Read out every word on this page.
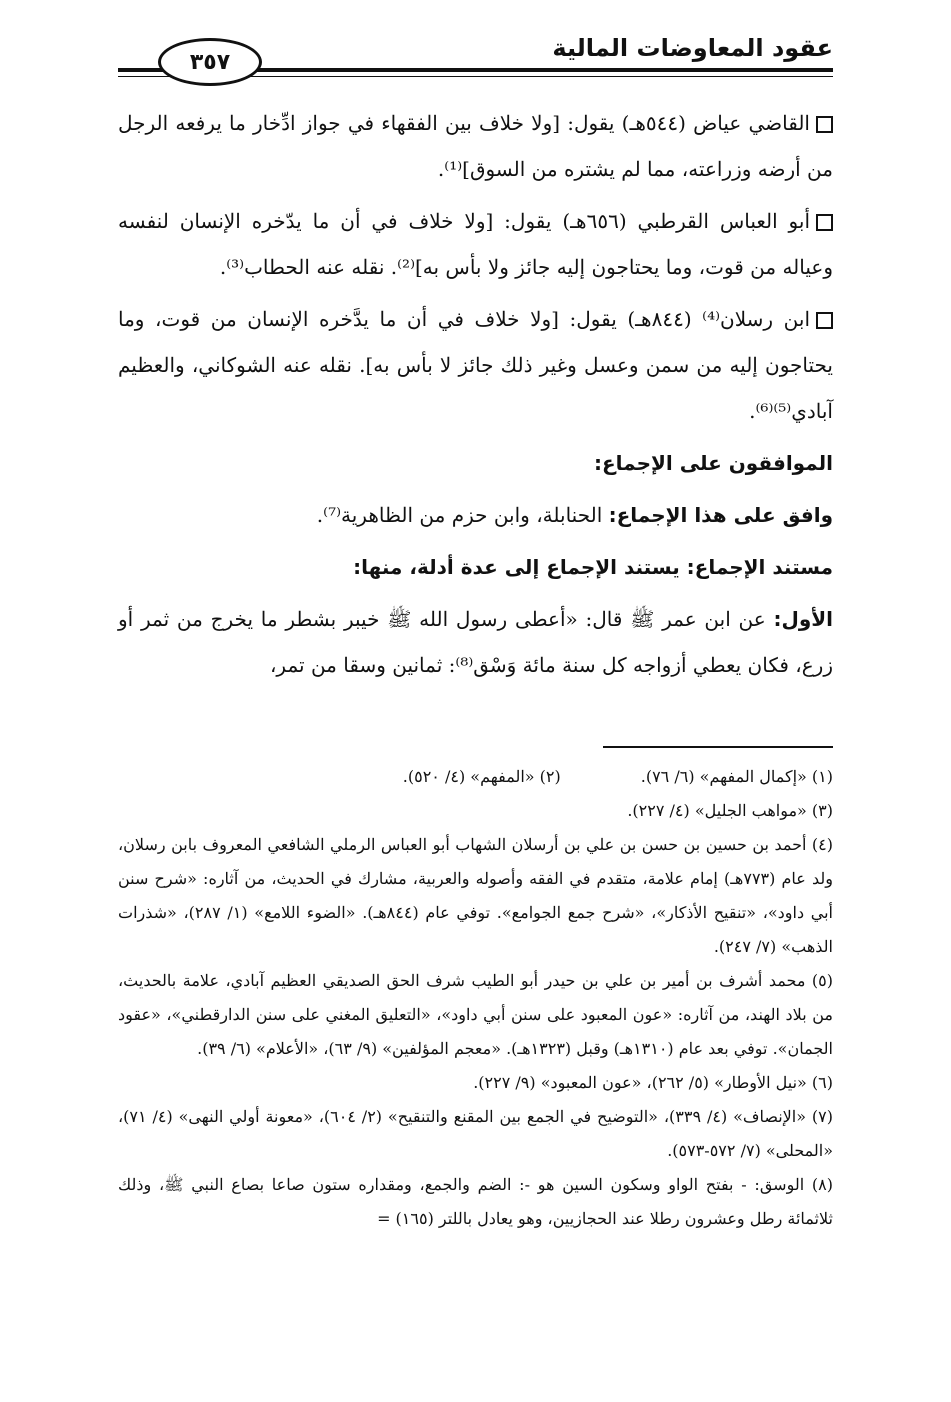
عقود المعاوضات المالية
٣٥٧

القاضي عياض (٥٤٤هـ) يقول: [ولا خلاف بين الفقهاء في جواز ادِّخار ما يرفعه الرجل من أرضه وزراعته، مما لم يشتره من السوق]⁽¹⁾.

أبو العباس القرطبي (٦٥٦هـ) يقول: [ولا خلاف في أن ما يدّخره الإنسان لنفسه وعياله من قوت، وما يحتاجون إليه جائز ولا بأس به]⁽²⁾. نقله عنه الحطاب⁽³⁾.

ابن رسلان⁽⁴⁾ (٨٤٤هـ) يقول: [ولا خلاف في أن ما يدَّخره الإنسان من قوت، وما يحتاجون إليه من سمن وعسل وغير ذلك جائز لا بأس به]. نقله عنه الشوكاني، والعظيم آبادي⁽⁵⁾⁽⁶⁾.

الموافقون على الإجماع:

وافق على هذا الإجماع: الحنابلة، وابن حزم من الظاهرية⁽⁷⁾.

مستند الإجماع: يستند الإجماع إلى عدة أدلة، منها:

الأول: عن ابن عمر ﷺ قال: «أعطى رسول الله ﷺ خيبر بشطر ما يخرج من ثمر أو زرع، فكان يعطي أزواجه كل سنة مائة وَسْق⁽⁸⁾: ثمانين وسقا من تمر،

(١) «إكمال المفهم» (٦/ ٧٦).
(٢) «المفهم» (٤/ ٥٢٠).

(٣) «مواهب الجليل» (٤/ ٢٢٧).

(٤) أحمد بن حسين بن حسن بن علي بن أرسلان الشهاب أبو العباس الرملي الشافعي المعروف بابن رسلان، ولد عام (٧٧٣هـ) إمام علامة، متقدم في الفقه وأصوله والعربية، مشارك في الحديث، من آثاره: «شرح سنن أبي داود»، «تنقيح الأذكار»، «شرح جمع الجوامع». توفي عام (٨٤٤هـ). «الضوء اللامع» (١/ ٢٨٧)، «شذرات الذهب» (٧/ ٢٤٧).

(٥) محمد أشرف بن أمير بن علي بن حيدر أبو الطيب شرف الحق الصديقي العظيم آبادي، علامة بالحديث، من بلاد الهند، من آثاره: «عون المعبود على سنن أبي داود»، «التعليق المغني على سنن الدارقطني»، «عقود الجمان». توفي بعد عام (١٣١٠هـ) وقبل (١٣٢٣هـ). «معجم المؤلفين» (٩/ ٦٣)، «الأعلام» (٦/ ٣٩).

(٦) «نيل الأوطار» (٥/ ٢٦٢)، «عون المعبود» (٩/ ٢٢٧).

(٧) «الإنصاف» (٤/ ٣٣٩)، «التوضيح في الجمع بين المقنع والتنقيح» (٢/ ٦٠٤)، «معونة أولي النهى» (٤/ ٧١)، «المحلى» (٧/ ٥٧٢-٥٧٣).

(٨) الوسق: - بفتح الواو وسكون السين هو -: الضم والجمع، ومقداره ستون صاعا بصاع النبي ﷺ، وذلك ثلاثمائة رطل وعشرون رطلا عند الحجازيين، وهو يعادل باللتر (١٦٥) =
